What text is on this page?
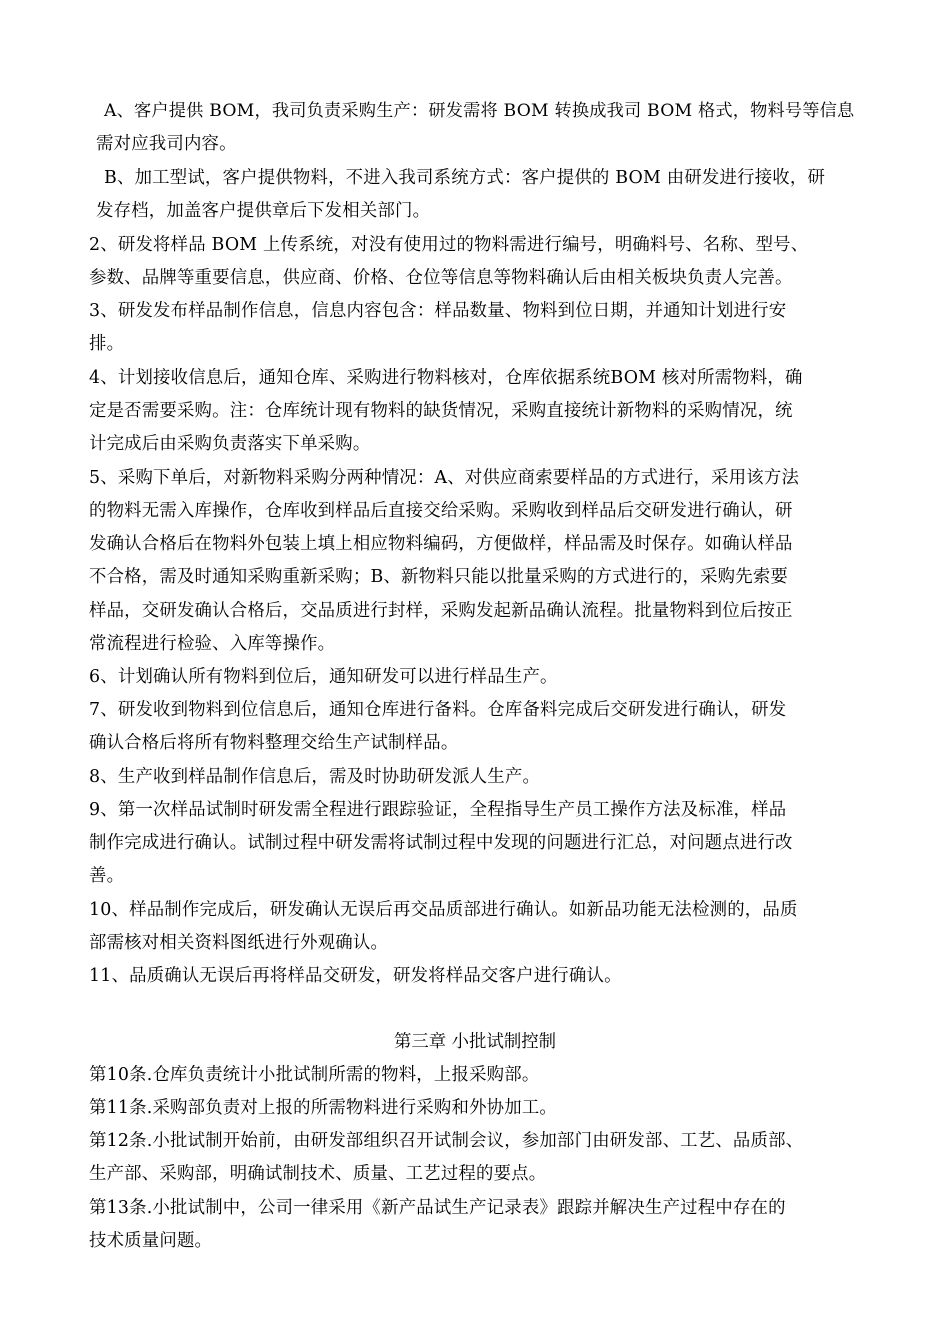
A、客户提供 BOM，我司负责采购生产：研发需将 BOM 转换成我司 BOM 格式，物料号等信息
需对应我司内容。
B、加工型试，客户提供物料，不进入我司系统方式：客户提供的 BOM 由研发进行接收，研
发存档，加盖客户提供章后下发相关部门。
2、研发将样品 BOM 上传系统，对没有使用过的物料需进行编号，明确料号、名称、型号、
参数、品牌等重要信息，供应商、价格、仓位等信息等物料确认后由相关板块负责人完善。
3、研发发布样品制作信息，信息内容包含：样品数量、物料到位日期，并通知计划进行安
排。
4、计划接收信息后，通知仓库、采购进行物料核对，仓库依据系统BOM 核对所需物料，确
定是否需要采购。注：仓库统计现有物料的缺货情况，采购直接统计新物料的采购情况，统
计完成后由采购负责落实下单采购。
5、采购下单后，对新物料采购分两种情况：A、对供应商索要样品的方式进行，采用该方法
的物料无需入库操作，仓库收到样品后直接交给采购。采购收到样品后交研发进行确认，研
发确认合格后在物料外包装上填上相应物料编码，方便做样，样品需及时保存。如确认样品
不合格，需及时通知采购重新采购；B、新物料只能以批量采购的方式进行的，采购先索要
样品，交研发确认合格后，交品质进行封样，采购发起新品确认流程。批量物料到位后按正
常流程进行检验、入库等操作。
6、计划确认所有物料到位后，通知研发可以进行样品生产。
7、研发收到物料到位信息后，通知仓库进行备料。仓库备料完成后交研发进行确认，研发
确认合格后将所有物料整理交给生产试制样品。
8、生产收到样品制作信息后，需及时协助研发派人生产。
9、第一次样品试制时研发需全程进行跟踪验证，全程指导生产员工操作方法及标准，样品
制作完成进行确认。试制过程中研发需将试制过程中发现的问题进行汇总，对问题点进行改
善。
10、样品制作完成后，研发确认无误后再交品质部进行确认。如新品功能无法检测的，品质
部需核对相关资料图纸进行外观确认。
11、品质确认无误后再将样品交研发，研发将样品交客户进行确认。
第三章 小批试制控制
第10条.仓库负责统计小批试制所需的物料，上报采购部。
第11条.采购部负责对上报的所需物料进行采购和外协加工。
第12条.小批试制开始前，由研发部组织召开试制会议，参加部门由研发部、工艺、品质部、
生产部、采购部，明确试制技术、质量、工艺过程的要点。
第13条.小批试制中，公司一律采用《新产品试生产记录表》跟踪并解决生产过程中存在的
技术质量问题。
